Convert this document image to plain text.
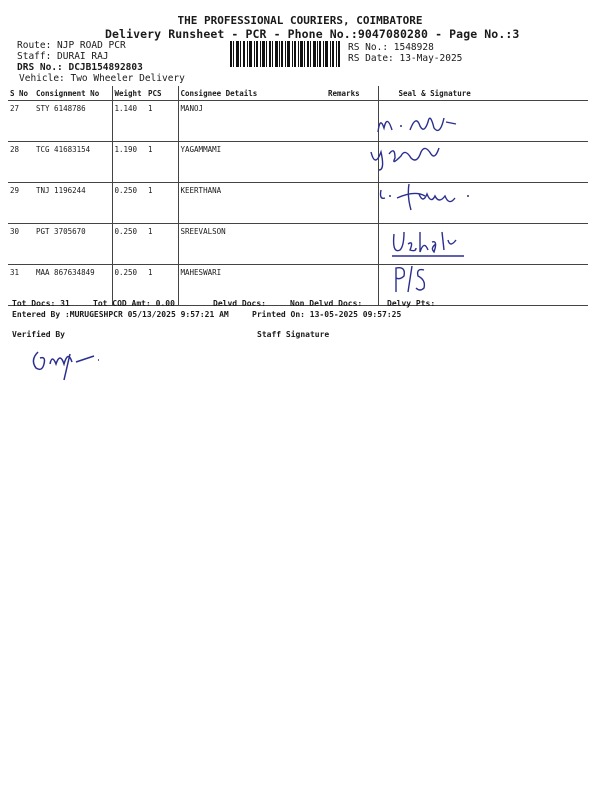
THE PROFESSIONAL COURIERS, COIMBATORE
Delivery Runsheet - PCR - Phone No.:9047080280 - Page No.:3
Route: NJP ROAD PCR
Staff: DURAI RAJ
DRS No.: DCJB154892803
Vehicle: Two Wheeler Delivery
RS No.: 1548928
RS Date: 13-May-2025
S No	Consignment No	Weight	PCS	Consignee Details	Remarks	Seal & Signature
27	STY 6148786	1.140	1	MANOJ		
28	TCG 41683154	1.190	1	YAGAMMAMI		
29	TNJ 1196244	0.250	1	KEERTHANA		
30	PGT 3705670	0.250	1	SREEVALSON		
31	MAA 867634849	0.250	1	MAHESWARI		
Tot Docs: 31	Tot COD Amt: 0.00	Delvd Docs:	Non Delvd Docs:	Delvy Pts:
Entered By :MURUGESHPCR 05/13/2025 9:57:21 AM	Printed On: 13-05-2025 09:57:25
Verified By	Staff Signature
